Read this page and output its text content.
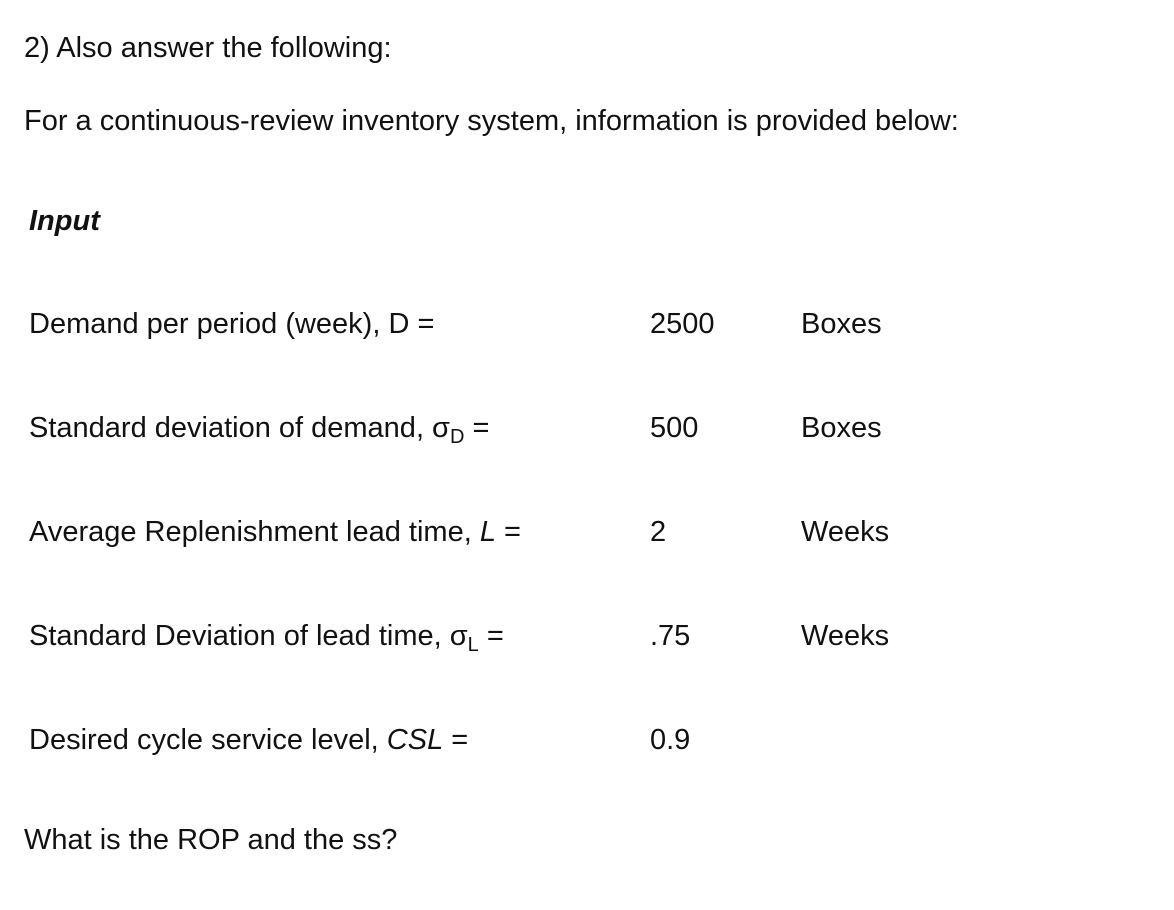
2) Also answer the following:
For a continuous-review inventory system, information is provided below:
Input
Demand per period (week), D =	2500	Boxes
Standard deviation of demand, $\sigma_D$ =	500	Boxes
Average Replenishment lead time, L =	2	Weeks
Standard Deviation of lead time, $\sigma_L$ =	.75	Weeks
Desired cycle service level, CSL =	0.9
What is the ROP and the ss?
